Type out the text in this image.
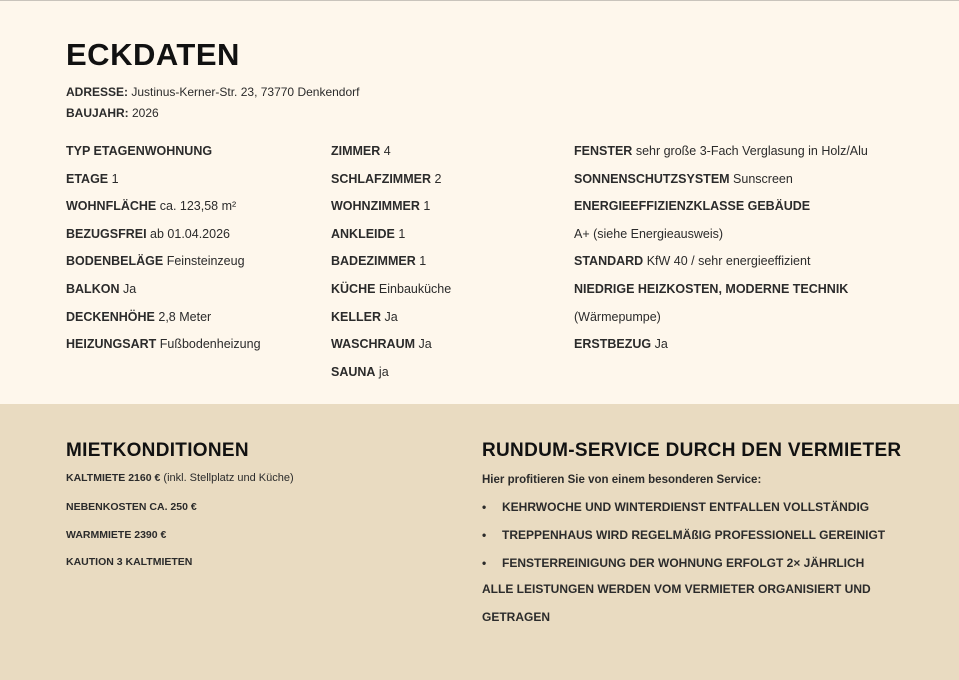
ECKDATEN
ADRESSE: Justinus-Kerner-Str. 23, 73770 Denkendorf
BAUJAHR: 2026
TYP ETAGENWOHNUNG
ETAGE 1
WOHNFLÄCHE ca. 123,58 m²
BEZUGSFREI ab 01.04.2026
BODENBELÄGE Feinsteinzeug
BALKON Ja
DECKENHÖHE 2,8 Meter
HEIZUNGSART Fußbodenheizung
ZIMMER 4
SCHLAFZIMMER 2
WOHNZIMMER 1
ANKLEIDE 1
BADEZIMMER 1
KÜCHE Einbauküche
KELLER Ja
WASCHRAUM Ja
SAUNA ja
FENSTER sehr große 3-Fach Verglasung in Holz/Alu
SONNENSCHUTZSYSTEM Sunscreen
ENERGIEEFFIZIENZKLASSE GEBÄUDE
A+ (siehe Energieausweis)
STANDARD KfW 40 / sehr energieeffizient
NIEDRIGE HEIZKOSTEN, MODERNE TECHNIK
(Wärmepumpe)
ERSTBEZUG Ja
MIETKONDITIONEN
KALTMIETE 2160 € (inkl. Stellplatz und Küche)
NEBENKOSTEN CA. 250 €
WARMMIETE 2390 €
KAUTION 3 KALTMIETEN
RUNDUM-SERVICE DURCH DEN VERMIETER
Hier profitieren Sie von einem besonderen Service:
• KEHRWOCHE UND WINTERDIENST ENTFALLEN VOLLSTÄNDIG
• TREPPENHAUS WIRD REGELMÄßIG PROFESSIONELL GEREINIGT
• FENSTERREINIGUNG DER WOHNUNG ERFOLGT 2× JÄHRLICH
ALLE LEISTUNGEN WERDEN VOM VERMIETER ORGANISIERT UND GETRAGEN
